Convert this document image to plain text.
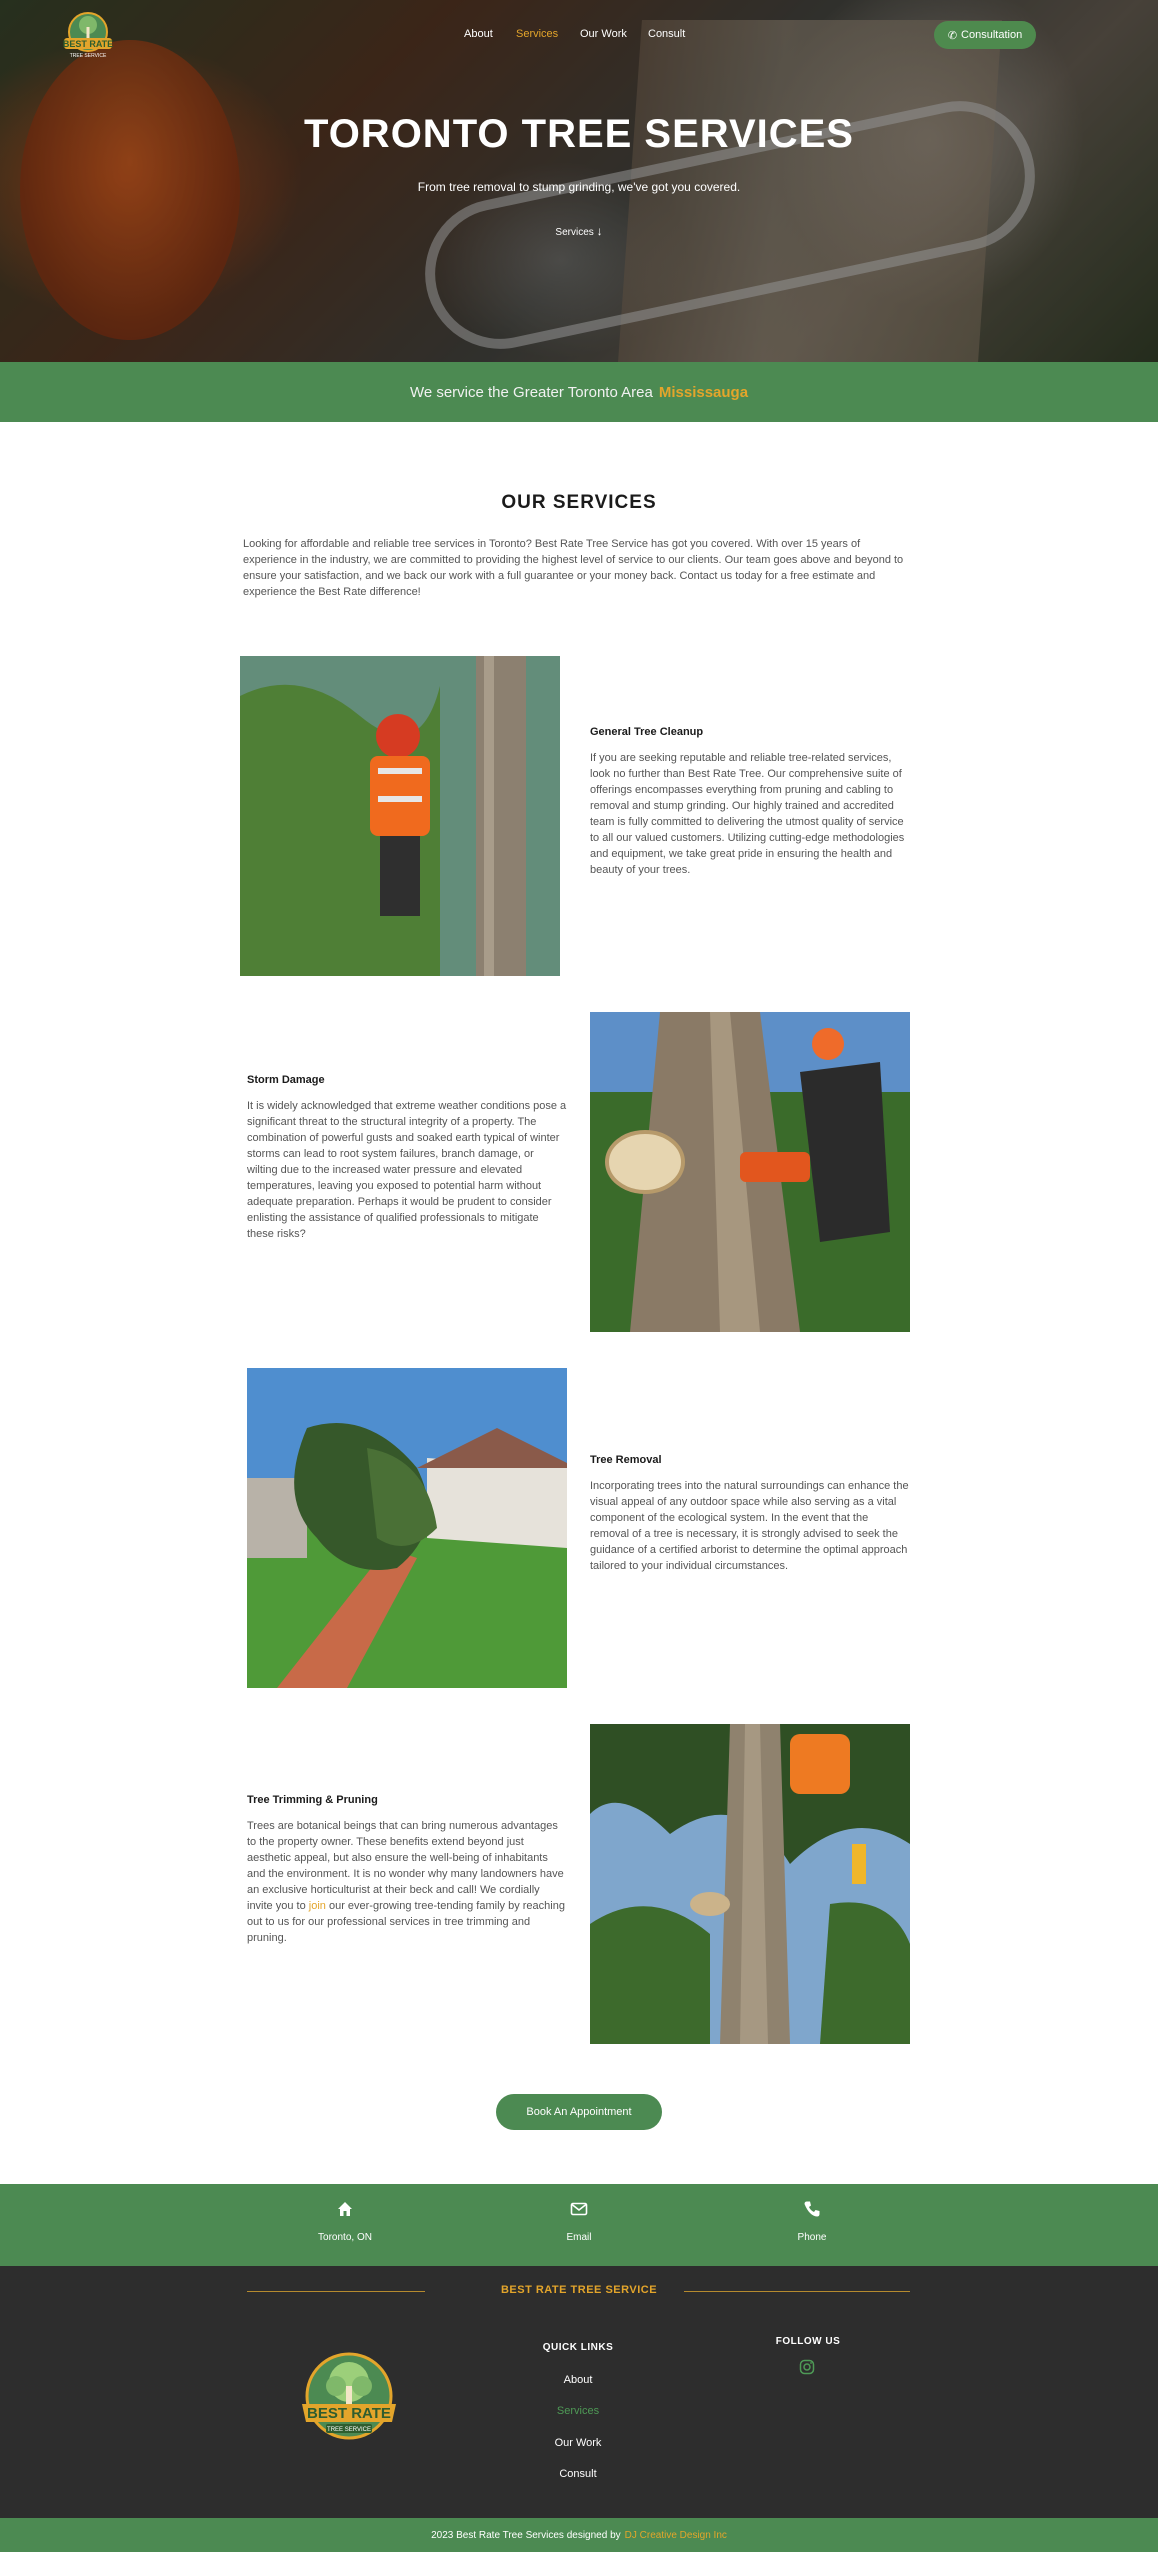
BEST RATE
TREE SERVICE
About Services Our Work Consult	✆ Consultation
TORONTO TREE SERVICES

From tree removal to stump grinding, we've got you covered.

Services ↓
We service the Greater Toronto Area Mississauga
OUR SERVICES

Looking for affordable and reliable tree services in Toronto? Best Rate Tree Service has got you covered. With over 15 years of experience in the industry, we are committed to providing the highest level of service to our clients. Our team goes above and beyond to ensure your satisfaction, and we back our work with a full guarantee or your money back. Contact us today for a free estimate and experience the Best Rate difference!

General Tree Cleanup

If you are seeking reputable and reliable tree-related services, look no further than Best Rate Tree. Our comprehensive suite of offerings encompasses everything from pruning and cabling to removal and stump grinding. Our highly trained and accredited team is fully committed to delivering the utmost quality of service to all our valued customers. Utilizing cutting-edge methodologies and equipment, we take great pride in ensuring the health and beauty of your trees.

Storm Damage

It is widely acknowledged that extreme weather conditions pose a significant threat to the structural integrity of a property. The combination of powerful gusts and soaked earth typical of winter storms can lead to root system failures, branch damage, or wilting due to the increased water pressure and elevated temperatures, leaving you exposed to potential harm without adequate preparation. Perhaps it would be prudent to consider enlisting the assistance of qualified professionals to mitigate these risks?

Tree Removal

Incorporating trees into the natural surroundings can enhance the visual appeal of any outdoor space while also serving as a vital component of the ecological system. In the event that the removal of a tree is necessary, it is strongly advised to seek the guidance of a certified arborist to determine the optimal approach tailored to your individual circumstances.

Tree Trimming & Pruning

Trees are botanical beings that can bring numerous advantages to the property owner. These benefits extend beyond just aesthetic appeal, but also ensure the well-being of inhabitants and the environment. It is no wonder why many landowners have an exclusive horticulturist at their beck and call! We cordially invite you to join our ever-growing tree-tending family by reaching out to us for our professional services in tree trimming and pruning.

Book An Appointment
Toronto, ON	Email	Phone
BEST RATE TREE SERVICE
BEST RATE
TREE SERVICE
QUICK LINKS
About
Services
Our Work
Consult
FOLLOW US
2023 Best Rate Tree Services designed by DJ Creative Design Inc
